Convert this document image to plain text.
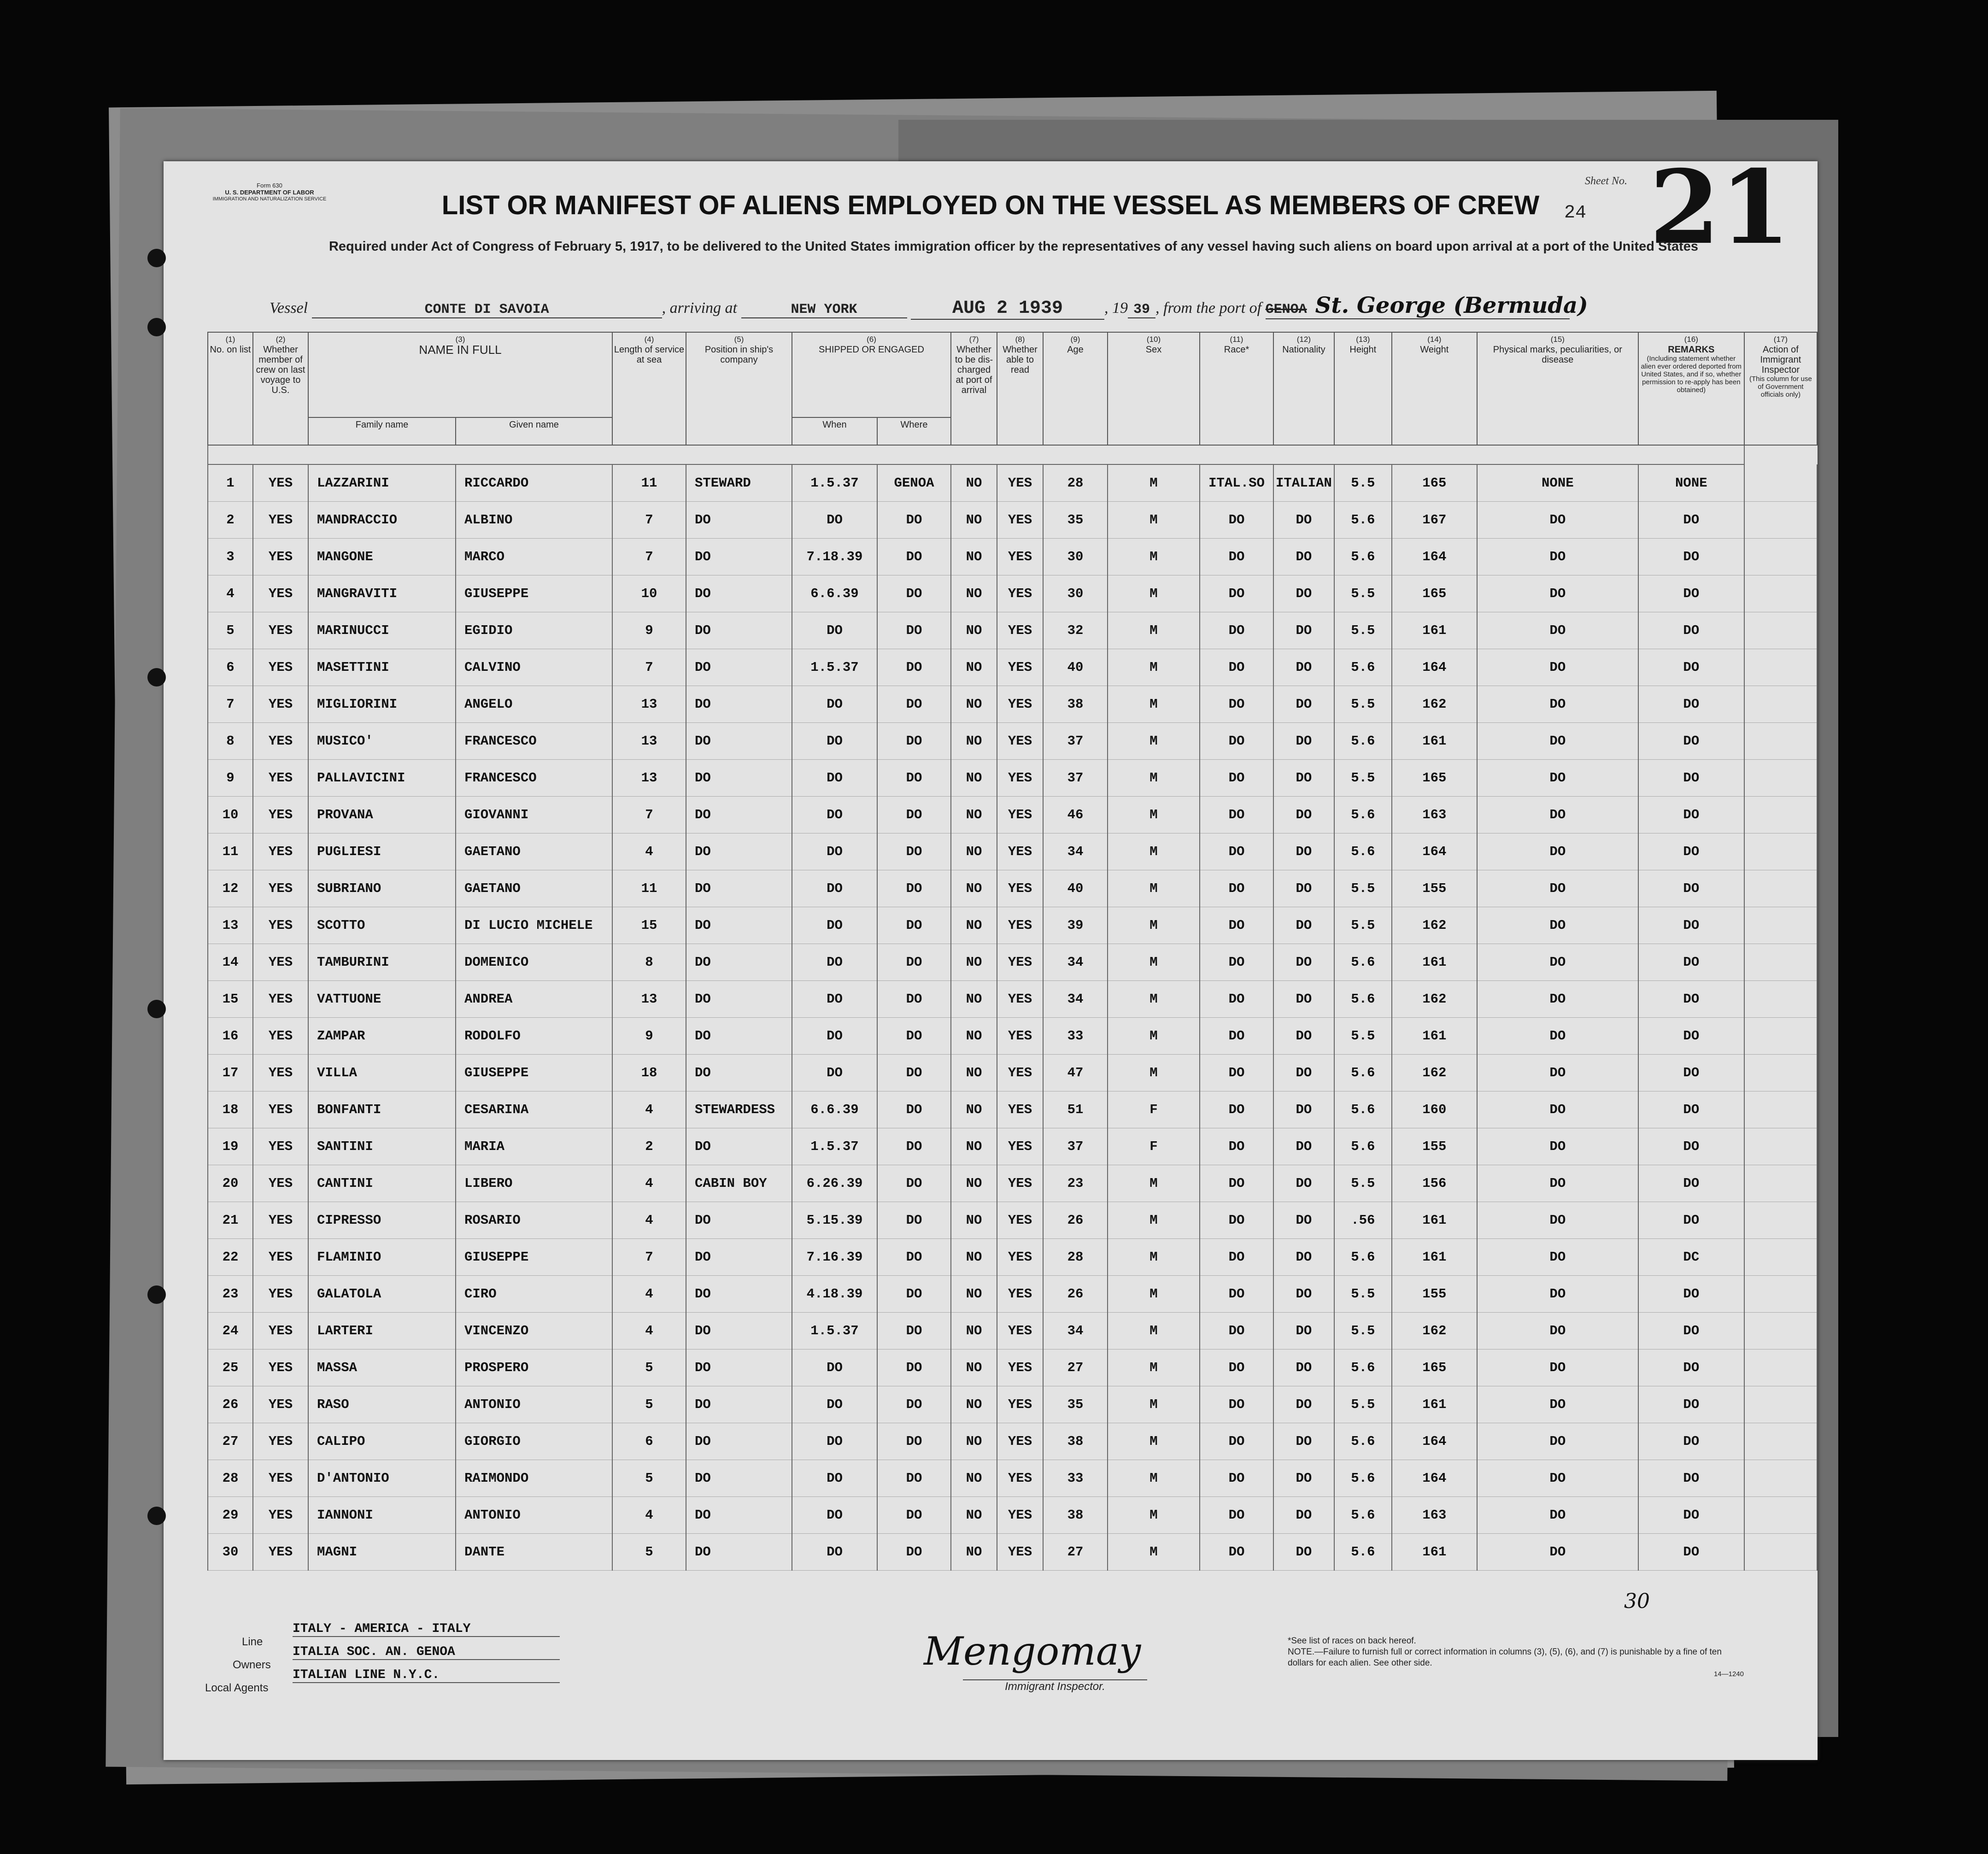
Form 630
U. S. DEPARTMENT OF LABOR
IMMIGRATION AND NATURALIZATION SERVICE
Sheet No. 21
24
LIST OR MANIFEST OF ALIENS EMPLOYED ON THE VESSEL AS MEMBERS OF CREW
Required under Act of Congress of February 5, 1917, to be delivered to the United States immigration officer by the representatives of any vessel having such aliens on board upon arrival at a port of the United States
Vessel	CONTE DI SAVOIA	, arriving at	NEW YORK	AUG 2 1939	, 19 39 , from the port of GENOA St. George (Bermuda)
(1)
No. on list	(2)
Whether member of crew on last voyage to U.S.	(3)
NAME IN FULL		(4)
Length of service at sea	(5)
Position in ship's company	(6)
SHIPPED OR ENGAGED		(7)
Whether to be dis-charged at port of arrival	(8)
Whether able to read	(9)
Age	(10)
Sex	(11)
Race*	(12)
Nationality	(13)
Height	(14)
Weight	(15)
Physical marks, peculiarities, or disease	(16)
REMARKS

(Including statement whether alien ever ordered deported from United States, and if so, whether permission to re-apply has been obtained)	(17)
Action of Immigrant Inspector

(This column for use of Government officials only)

		Family name	Given name			When	Where											

1	YES	LAZZARINI	RICCARDO	11	STEWARD	1.5.37	GENOA	NO	YES	28	M	ITAL.SO	ITALIAN	5.5	165	NONE	NONE	
2	YES	MANDRACCIO	ALBINO	7	DO	DO	DO	NO	YES	35	M	DO	DO	5.6	167	DO	DO	
3	YES	MANGONE	MARCO	7	DO	7.18.39	DO	NO	YES	30	M	DO	DO	5.6	164	DO	DO	
4	YES	MANGRAVITI	GIUSEPPE	10	DO	6.6.39	DO	NO	YES	30	M	DO	DO	5.5	165	DO	DO	
5	YES	MARINUCCI	EGIDIO	9	DO	DO	DO	NO	YES	32	M	DO	DO	5.5	161	DO	DO	
6	YES	MASETTINI	CALVINO	7	DO	1.5.37	DO	NO	YES	40	M	DO	DO	5.6	164	DO	DO	
7	YES	MIGLIORINI	ANGELO	13	DO	DO	DO	NO	YES	38	M	DO	DO	5.5	162	DO	DO	
8	YES	MUSICO'	FRANCESCO	13	DO	DO	DO	NO	YES	37	M	DO	DO	5.6	161	DO	DO	
9	YES	PALLAVICINI	FRANCESCO	13	DO	DO	DO	NO	YES	37	M	DO	DO	5.5	165	DO	DO	
10	YES	PROVANA	GIOVANNI	7	DO	DO	DO	NO	YES	46	M	DO	DO	5.6	163	DO	DO	
11	YES	PUGLIESI	GAETANO	4	DO	DO	DO	NO	YES	34	M	DO	DO	5.6	164	DO	DO	
12	YES	SUBRIANO	GAETANO	11	DO	DO	DO	NO	YES	40	M	DO	DO	5.5	155	DO	DO	
13	YES	SCOTTO	DI LUCIO MICHELE	15	DO	DO	DO	NO	YES	39	M	DO	DO	5.5	162	DO	DO	
14	YES	TAMBURINI	DOMENICO	8	DO	DO	DO	NO	YES	34	M	DO	DO	5.6	161	DO	DO	
15	YES	VATTUONE	ANDREA	13	DO	DO	DO	NO	YES	34	M	DO	DO	5.6	162	DO	DO	
16	YES	ZAMPAR	RODOLFO	9	DO	DO	DO	NO	YES	33	M	DO	DO	5.5	161	DO	DO	
17	YES	VILLA	GIUSEPPE	18	DO	DO	DO	NO	YES	47	M	DO	DO	5.6	162	DO	DO	
18	YES	BONFANTI	CESARINA	4	STEWARDESS	6.6.39	DO	NO	YES	51	F	DO	DO	5.6	160	DO	DO	
19	YES	SANTINI	MARIA	2	DO	1.5.37	DO	NO	YES	37	F	DO	DO	5.6	155	DO	DO	
20	YES	CANTINI	LIBERO	4	CABIN BOY	6.26.39	DO	NO	YES	23	M	DO	DO	5.5	156	DO	DO	
21	YES	CIPRESSO	ROSARIO	4	DO	5.15.39	DO	NO	YES	26	M	DO	DO	.56	161	DO	DO	
22	YES	FLAMINIO	GIUSEPPE	7	DO	7.16.39	DO	NO	YES	28	M	DO	DO	5.6	161	DO	DC	
23	YES	GALATOLA	CIRO	4	DO	4.18.39	DO	NO	YES	26	M	DO	DO	5.5	155	DO	DO	
24	YES	LARTERI	VINCENZO	4	DO	1.5.37	DO	NO	YES	34	M	DO	DO	5.5	162	DO	DO	
25	YES	MASSA	PROSPERO	5	DO	DO	DO	NO	YES	27	M	DO	DO	5.6	165	DO	DO	
26	YES	RASO	ANTONIO	5	DO	DO	DO	NO	YES	35	M	DO	DO	5.5	161	DO	DO	
27	YES	CALIPO	GIORGIO	6	DO	DO	DO	NO	YES	38	M	DO	DO	5.6	164	DO	DO	
28	YES	D'ANTONIO	RAIMONDO	5	DO	DO	DO	NO	YES	33	M	DO	DO	5.6	164	DO	DO	
29	YES	IANNONI	ANTONIO	4	DO	DO	DO	NO	YES	38	M	DO	DO	5.6	163	DO	DO	
30	YES	MAGNI	DANTE	5	DO	DO	DO	NO	YES	27	M	DO	DO	5.6	161	DO	DO	
Line
ITALY - AMERICA - ITALY
Owners
ITALIA SOC. AN. GENOA
Local Agents
ITALIAN LINE N.Y.C.
Mengomay
Immigrant Inspector.
30
*See list of races on back hereof.
NOTE.—Failure to furnish full or correct information in columns (3), (5), (6), and (7) is punishable by a fine of ten dollars for each alien. See other side.
14—1240
